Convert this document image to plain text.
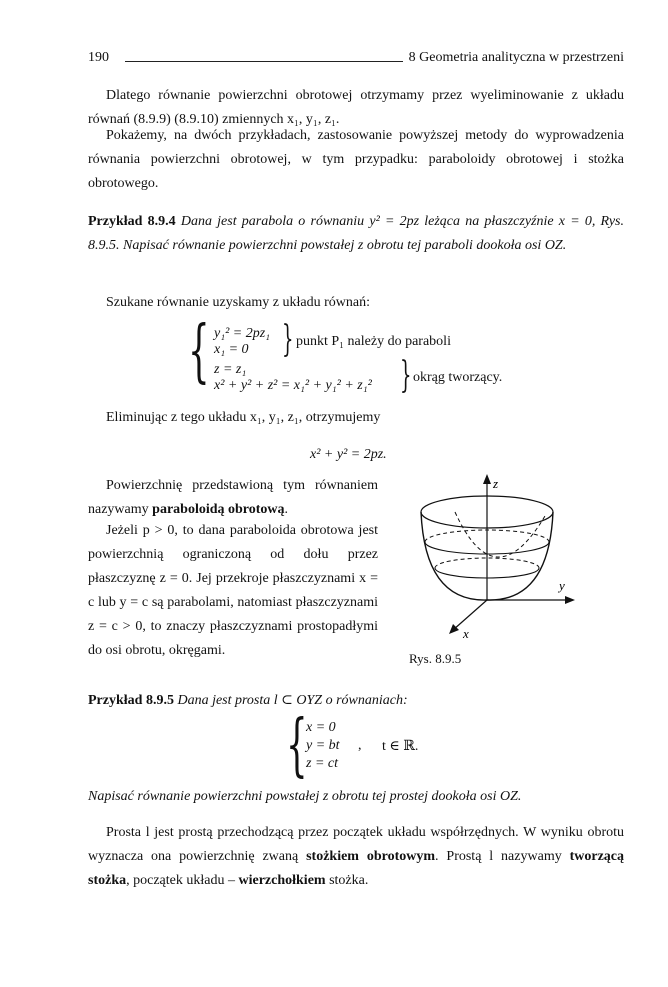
190	8 Geometria analityczna w przestrzeni
Dlatego równanie powierzchni obrotowej otrzymamy przez wyeliminowanie z układu równań (8.9.9) (8.9.10) zmiennych x₁, y₁, z₁.
Pokażemy, na dwóch przykładach, zastosowanie powyższej metody do wyprowadzenia równania powierzchni obrotowej, w tym przypadku: paraboloidy obrotowej i stożka obrotowego.
Przykład 8.9.4 Dana jest parabola o równaniu y² = 2pz leżąca na płaszczyźnie x = 0, Rys. 8.9.5. Napisać równanie powierzchni powstałej z obrotu tej paraboli dookoła osi OZ.
Szukane równanie uzyskamy z układu równań:
{ y₁² = 2pz₁
x₁ = 0 } punkt P₁ należy do paraboli
z = z₁
x² + y² + z² = x₁² + y₁² + z₁² } okrąg tworzący.
Eliminując z tego układu x₁, y₁, z₁, otrzymujemy
x² + y² = 2pz.
Powierzchnię przedstawioną tym równaniem nazywamy paraboloidą obrotową.
Jeżeli p > 0, to dana paraboloida obrotowa jest powierzchnią ograniczoną od dołu przez płaszczyznę z = 0. Jej przekroje płaszczyznami x = c lub y = c są parabolami, natomiast płaszczyznami z = c > 0, to znaczy płaszczyznami prostopadłymi do osi obrotu, okręgami.
z
y
x
Rys. 8.9.5
Przykład 8.9.5 Dana jest prosta l ⊂ OYZ o równaniach:
{
x = 0
y = bt , t ∈ ℝ.
z = ct
Napisać równanie powierzchni powstałej z obrotu tej prostej dookoła osi OZ.
Prosta l jest prostą przechodzącą przez początek układu współrzędnych. W wyniku obrotu wyznacza ona powierzchnię zwaną stożkiem obrotowym. Prostą l nazywamy tworzącą stożka, początek układu – wierzchołkiem stożka.
